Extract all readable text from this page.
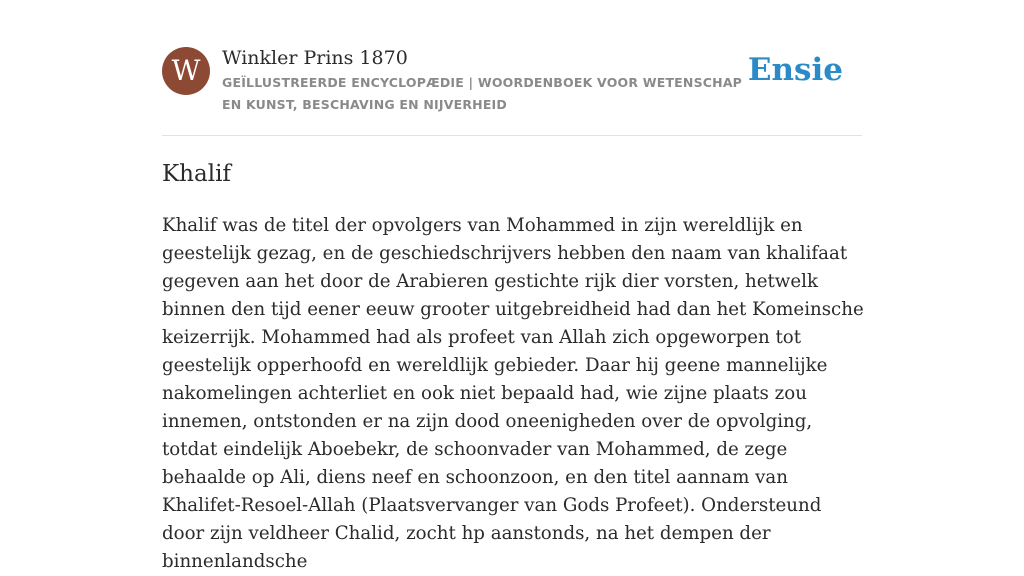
W	Winkler Prins 1870
GEÏLLUSTREERDE ENCYCLOPÆDIE | WOORDENBOEK VOOR WETENSCHAP EN KUNST, BESCHAVING EN NIJVERHEID
Ensie
Khalif

Khalif was de titel der opvolgers van Mohammed in zijn wereldlijk en geestelijk gezag, en de geschiedschrijvers hebben den naam van khalifaat gegeven aan het door de Arabieren gestichte rijk dier vorsten, hetwelk binnen den tijd eener eeuw grooter uitgebreidheid had dan het Komeinsche keizerrijk. Mohammed had als profeet van Allah zich opgeworpen tot geestelijk opperhoofd en wereldlijk gebieder. Daar hij geene mannelijke nakomelingen achterliet en ook niet bepaald had, wie zijne plaats zou innemen, ontstonden er na zijn dood oneenigheden over de opvolging, totdat eindelijk Aboebekr, de schoonvader van Mohammed, de zege behaalde op Ali, diens neef en schoonzoon, en den titel aannam van Khalifet-Resoel-Allah (Plaatsvervanger van Gods Profeet). Ondersteund door zijn veldheer Chalid, zocht hp aanstonds, na het dempen der binnenlandsche
